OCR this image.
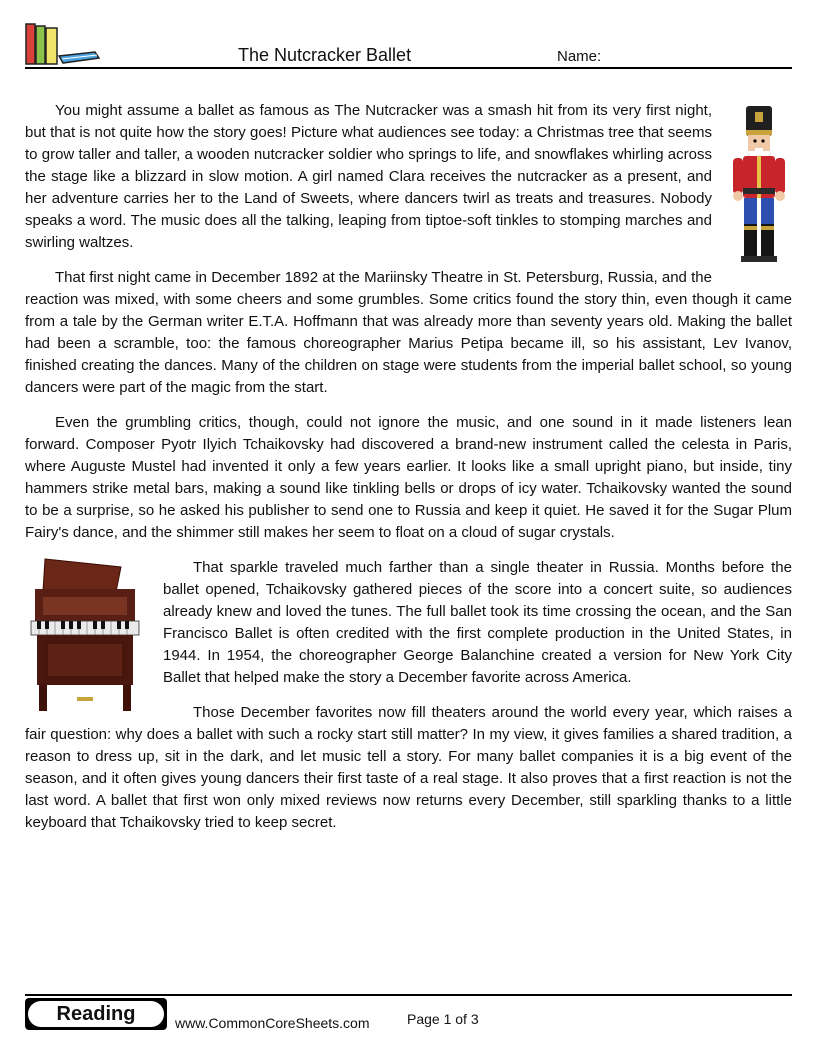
The Nutcracker Ballet	Name:

You might assume a ballet as famous as The Nutcracker was a smash hit from its very first night, but that is not quite how the story goes! Picture what audiences see today: a Christmas tree that seems to grow taller and taller, a wooden nutcracker soldier who springs to life, and snowflakes whirling across the stage like a blizzard in slow motion. A girl named Clara receives the nutcracker as a present, and her adventure carries her to the Land of Sweets, where dancers twirl as treats and treasures. Nobody speaks a word. The music does all the talking, leaping from tiptoe-soft tinkles to stomping marches and swirling waltzes.

That first night came in December 1892 at the Mariinsky Theatre in St. Petersburg, Russia, and the reaction was mixed, with some cheers and some grumbles. Some critics found the story thin, even though it came from a tale by the German writer E.T.A. Hoffmann that was already more than seventy years old. Making the ballet had been a scramble, too: the famous choreographer Marius Petipa became ill, so his assistant, Lev Ivanov, finished creating the dances. Many of the children on stage were students from the imperial ballet school, so young dancers were part of the magic from the start.

Even the grumbling critics, though, could not ignore the music, and one sound in it made listeners lean forward. Composer Pyotr Ilyich Tchaikovsky had discovered a brand-new instrument called the celesta in Paris, where Auguste Mustel had invented it only a few years earlier. It looks like a small upright piano, but inside, tiny hammers strike metal bars, making a sound like tinkling bells or drops of icy water. Tchaikovsky wanted the sound to be a surprise, so he asked his publisher to send one to Russia and keep it quiet. He saved it for the Sugar Plum Fairy's dance, and the shimmer still makes her seem to float on a cloud of sugar crystals.

That sparkle traveled much farther than a single theater in Russia. Months before the ballet opened, Tchaikovsky gathered pieces of the score into a concert suite, so audiences already knew and loved the tunes. The full ballet took its time crossing the ocean, and the San Francisco Ballet is often credited with the first complete production in the United States, in 1944. In 1954, the choreographer George Balanchine created a version for New York City Ballet that helped make the story a December favorite across America.

Those December favorites now fill theaters around the world every year, which raises a fair question: why does a ballet with such a rocky start still matter? In my view, it gives families a shared tradition, a reason to dress up, sit in the dark, and let music tell a story. For many ballet companies it is a big event of the season, and it often gives young dancers their first taste of a real stage. It also proves that a first reaction is not the last word. A ballet that first won only mixed reviews now returns every December, still sparkling thanks to a little keyboard that Tchaikovsky tried to keep secret.

Reading	www.CommonCoreSheets.com	Page 1 of 3
